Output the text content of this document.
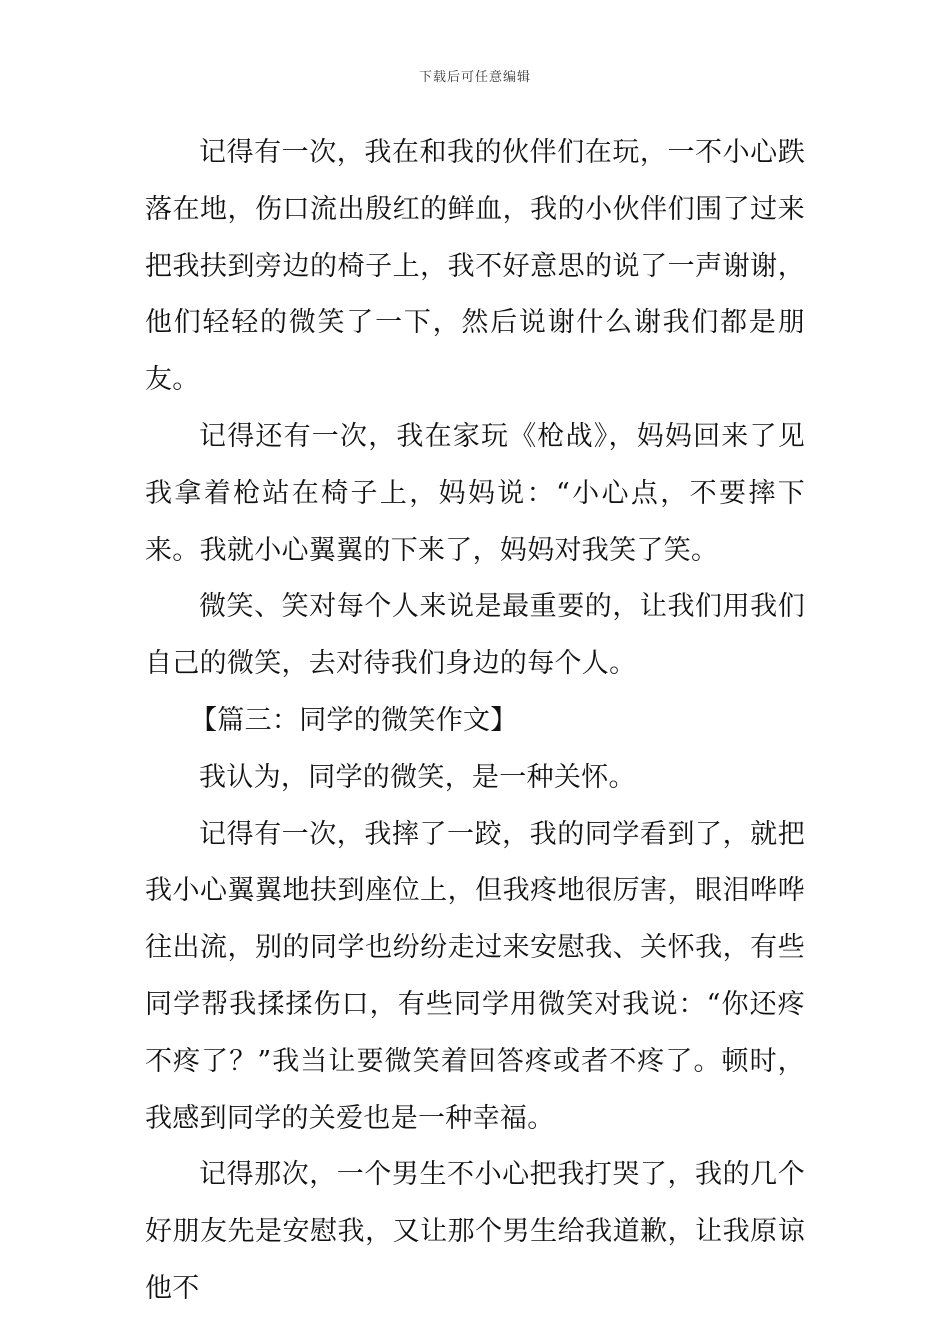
下载后可任意编辑

记得有一次，我在和我的伙伴们在玩，一不小心跌落在地，伤口流出殷红的鲜血，我的小伙伴们围了过来把我扶到旁边的椅子上，我不好意思的说了一声谢谢，他们轻轻的微笑了一下，然后说谢什么谢我们都是朋友。

记得还有一次，我在家玩《枪战》，妈妈回来了见我拿着枪站在椅子上，妈妈说：“小心点，不要摔下来。我就小心翼翼的下来了，妈妈对我笑了笑。

微笑、笑对每个人来说是最重要的，让我们用我们自己的微笑，去对待我们身边的每个人。

【篇三：同学的微笑作文】

我认为，同学的微笑，是一种关怀。

记得有一次，我摔了一跤，我的同学看到了，就把我小心翼翼地扶到座位上，但我疼地很厉害，眼泪哗哗往出流，别的同学也纷纷走过来安慰我、关怀我，有些同学帮我揉揉伤口，有些同学用微笑对我说：“你还疼不疼了？”我当让要微笑着回答疼或者不疼了。顿时，我感到同学的关爱也是一种幸福。

记得那次，一个男生不小心把我打哭了，我的几个好朋友先是安慰我，又让那个男生给我道歉，让我原谅他不
